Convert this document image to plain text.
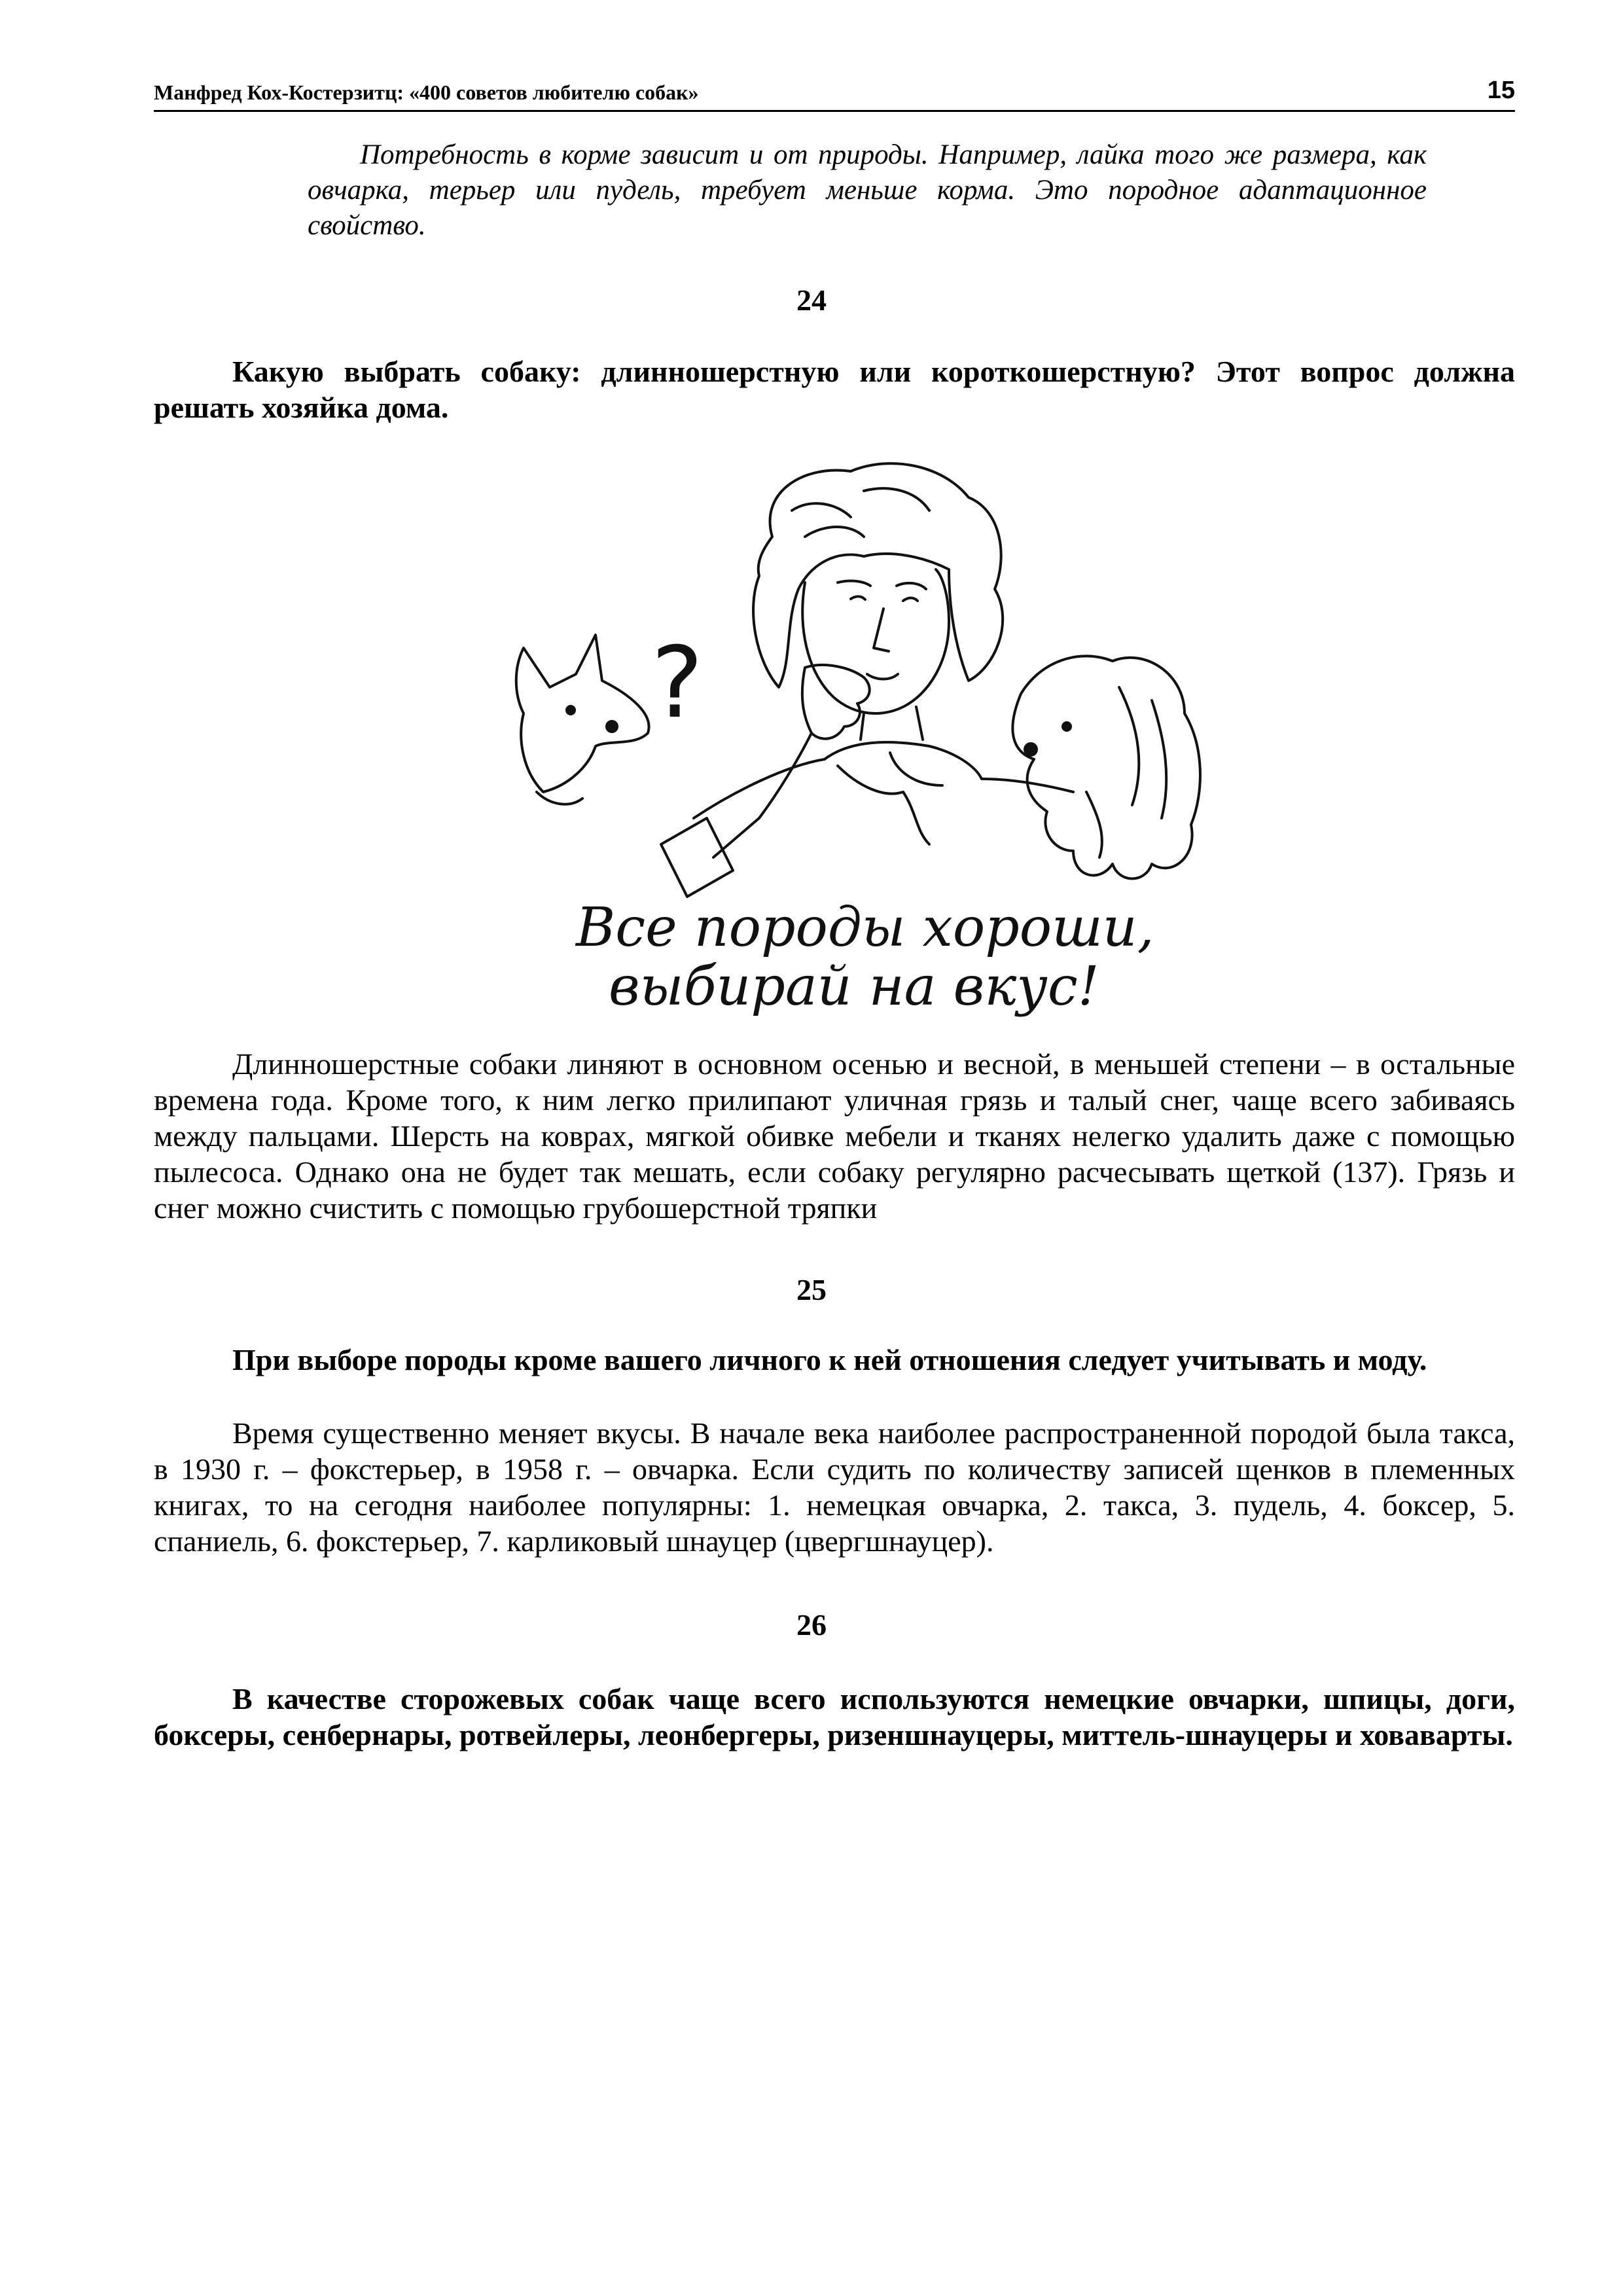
Манфред Кох-Костерзитц: «400 советов любителю собак»	15

Потребность в корме зависит и от природы. Например, лайка того же размера, как овчарка, терьер или пудель, требует меньше корма. Это породное адаптационное свойство.

24

Какую выбрать собаку: длинношерстную или короткошерстную? Этот вопрос должна решать хозяйка дома.

?
Все породы хороши,
выбирай на вкус!

Длинношерстные собаки линяют в основном осенью и весной, в меньшей степени – в остальные времена года. Кроме того, к ним легко прилипают уличная грязь и талый снег, чаще всего забиваясь между пальцами. Шерсть на коврах, мягкой обивке мебели и тканях нелегко удалить даже с помощью пылесоса. Однако она не будет так мешать, если собаку регулярно расчесывать щеткой (137). Грязь и снег можно счистить с помощью грубошерстной тряпки

25

При выборе породы кроме вашего личного к ней отношения следует учитывать и моду.

Время существенно меняет вкусы. В начале века наиболее распространенной породой была такса, в 1930 г. – фокстерьер, в 1958 г. – овчарка. Если судить по количеству записей щенков в племенных книгах, то на сегодня наиболее популярны: 1. немецкая овчарка, 2. такса, 3. пудель, 4. боксер, 5. спаниель, 6. фокстерьер, 7. карликовый шнауцер (цвергшнауцер).

26

В качестве сторожевых собак чаще всего используются немецкие овчарки, шпицы, доги, боксеры, сенбернары, ротвейлеры, леонбергеры, ризеншнауцеры, миттель-шнауцеры и ховаварты.
